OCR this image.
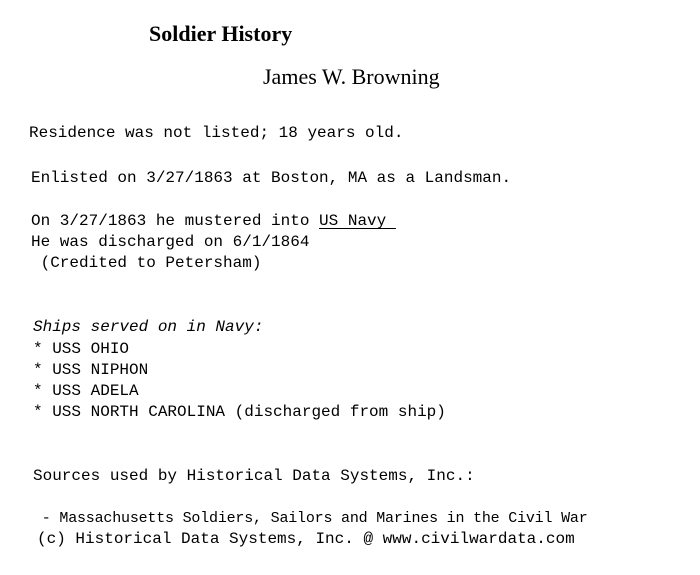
Soldier History
James W. Browning
Residence was not listed; 18 years old.
Enlisted on 3/27/1863 at Boston, MA as a Landsman.
On 3/27/1863 he mustered into US Navy
He was discharged on 6/1/1864
(Credited to Petersham)
Ships served on in Navy:
* USS OHIO
* USS NIPHON
* USS ADELA
* USS NORTH CAROLINA (discharged from ship)
Sources used by Historical Data Systems, Inc.:
- Massachusetts Soldiers, Sailors and Marines in the Civil War
(c) Historical Data Systems, Inc. @ www.civilwardata.com
